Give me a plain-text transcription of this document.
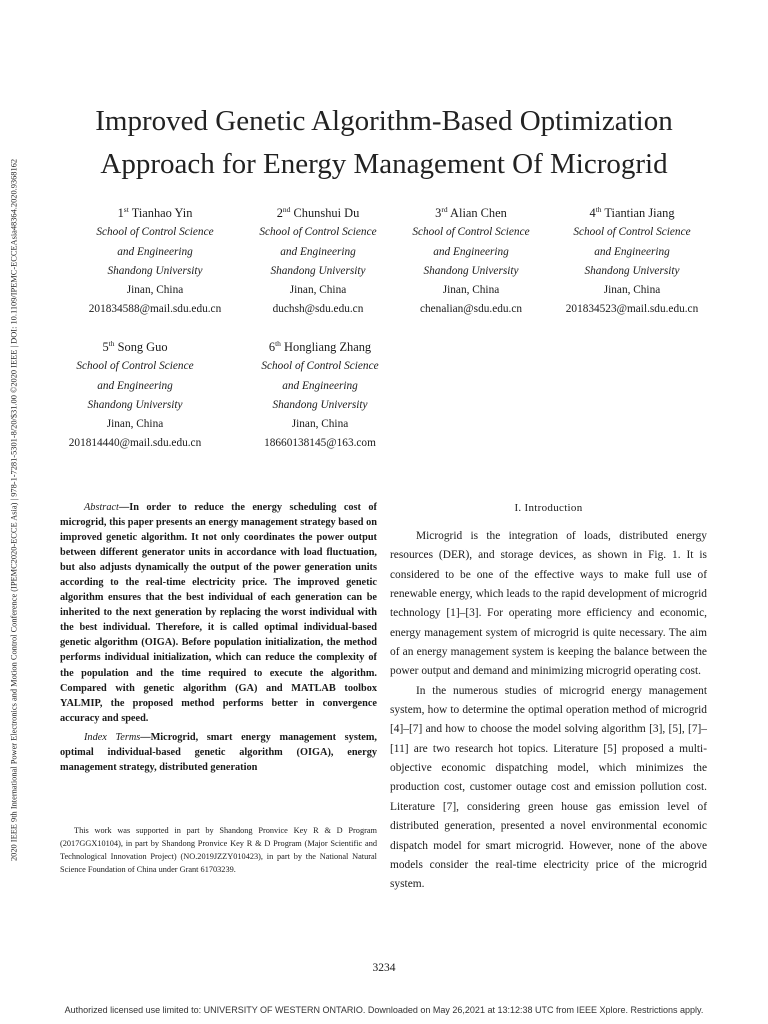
2020 IEEE 9th International Power Electronics and Motion Control Conference (IPEMC2020-ECCE Asia) | 978-1-7281-5301-8/20/$31.00 ©2020 IEEE | DOI: 10.1109/IPEMC-ECCEAsia48364.2020.9368162
Improved Genetic Algorithm-Based Optimization
Approach for Energy Management Of Microgrid
1st Tianhao Yin
School of Control Science
and Engineering
Shandong University
Jinan, China
201834588@mail.sdu.edu.cn
2nd Chunshui Du
School of Control Science
and Engineering
Shandong University
Jinan, China
duchsh@sdu.edu.cn
3rd Alian Chen
School of Control Science
and Engineering
Shandong University
Jinan, China
chenalian@sdu.edu.cn
4th Tiantian Jiang
School of Control Science
and Engineering
Shandong University
Jinan, China
201834523@mail.sdu.edu.cn
5th Song Guo
School of Control Science
and Engineering
Shandong University
Jinan, China
201814440@mail.sdu.edu.cn
6th Hongliang Zhang
School of Control Science
and Engineering
Shandong University
Jinan, China
18660138145@163.com

Abstract—In order to reduce the energy scheduling cost of microgrid, this paper presents an energy management strategy based on improved genetic algorithm. It not only coordinates the power output between different generator units in accordance with load fluctuation, but also adjusts dynamically the output of the power generation units according to the real-time electricity price. The improved genetic algorithm ensures that the best individual of each generation can be inherited to the next generation by replacing the worst individual with the best individual. Therefore, it is called optimal individual-based genetic algorithm (OIGA). Before population initialization, the method performs individual initialization, which can reduce the complexity of the population and the time required to execute the algorithm. Compared with genetic algorithm (GA) and MATLAB toolbox YALMIP, the proposed method performs better in convergence accuracy and speed.

Index Terms—Microgrid, smart energy management system, optimal individual-based genetic algorithm (OIGA), energy management strategy, distributed generation

This work was supported in part by Shandong Pronvice Key R & D Program (2017GGX10104), in part by Shandong Pronvice Key R & D Program (Major Scientific and Technological Innovation Project) (NO.2019JZZY010423), in part by the National Natural Science Foundation of China under Grant 61703239.
I. Introduction

Microgrid is the integration of loads, distributed energy resources (DER), and storage devices, as shown in Fig. 1. It is considered to be one of the effective ways to make full use of renewable energy, which leads to the rapid development of microgrid technology [1]–[3]. For operating more efficiency and economic, energy management system of microgrid is quite necessary. The aim of an energy management system is keeping the balance between the power output and demand and minimizing microgrid operating cost.

In the numerous studies of microgrid energy management system, how to determine the optimal operation method of microgrid [4]–[7] and how to choose the model solving algorithm [3], [5], [7]–[11] are two research hot topics. Literature [5] proposed a multi-objective economic dispatching model, which minimizes the production cost, customer outage cost and emission pollution cost. Literature [7], considering green house gas emission level of distributed generation, presented a novel environmental economic dispatch model for smart microgrid. However, none of the above models consider the real-time electricity price of the microgrid system.

3234
Authorized licensed use limited to: UNIVERSITY OF WESTERN ONTARIO. Downloaded on May 26,2021 at 13:12:38 UTC from IEEE Xplore. Restrictions apply.
